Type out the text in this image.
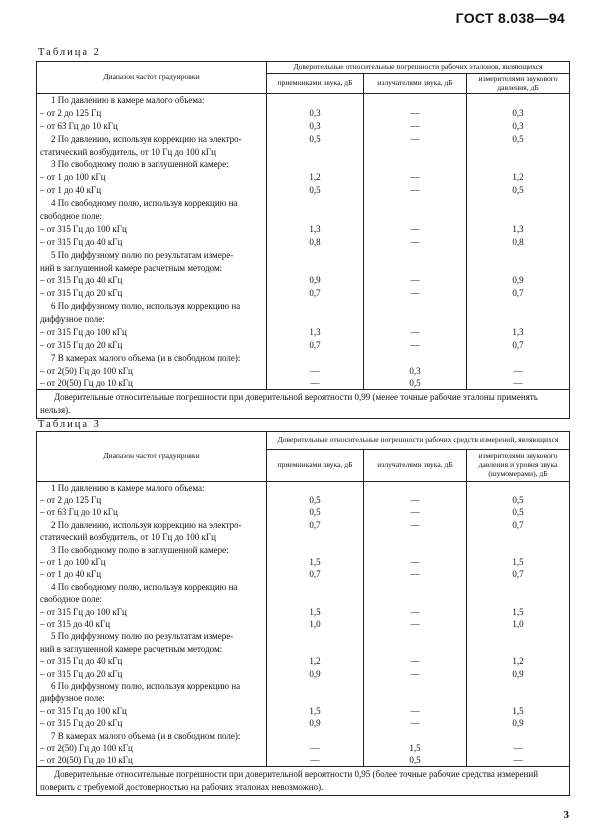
ГОСТ 8.038—94
Таблица 2
Диапазон частот градуировки	Доверительные относительные погрешности рабочих эталонов, являющихся		
	приемниками звука, дБ	излучателями звука, дБ	измерителями звукового давления, дБ
1 По давлению в камере малого объема:			
– от 2 до 125 Гц	0,3	—	0,3
– от 63 Гц до 10 кГц	0,3	—	0,3
2 По давлению, используя коррекцию на электро-	0,5	—	0,5
статический возбудитель, от 10 Гц до 100 кГц			
3 По свободному полю в заглушенной камере:			
– от 1 до 100 кГц	1,2	—	1,2
– от 1 до 40 кГц	0,5	—	0,5
4 По свободному полю, используя коррекцию на			
свободное поле:			
– от 315 Гц до 100 кГц	1,3	—	1,3
– от 315 Гц до 40 кГц	0,8	—	0,8
5 По диффузному полю по результатам измере-			
ний в заглушенной камере расчетным методом:			
– от 315 Гц до 40 кГц	0,9	—	0,9
– от 315 Гц до 20 кГц	0,7	—	0,7
6 По диффузному полю, используя коррекцию на			
диффузное поле:			
– от 315 Гц до 100 кГц	1,3	—	1,3
– от 315 Гц до 20 кГц	0,7	—	0,7
7 В камерах малого объема (и в свободном поле):			
– от 2(50) Гц до 100 кГц	—	0,3	—
– от 20(50) Гц до 10 кГц	—	0,5	—
Доверительные относительные погрешности при доверительной вероятности 0,99 (менее точные рабочие эталоны применять нельзя).			
Таблица 3
Диапазон частот градуировки	Доверительные относительные погрешности рабочих средств измерений, являющихся		
	приемниками звука, дБ	излучателями звука, дБ	измерителями звукового давления и уровня звука (шумомерами), дБ
1 По давлению в камере малого объема:			
– от 2 до 125 Гц	0,5	—	0,5
– от 63 Гц до 10 кГц	0,5	—	0,5
2 По давлению, используя коррекцию на электро-	0,7	—	0,7
статический возбудитель, от 10 Гц до 100 кГц			
3 По свободному полю в заглушенной камере:			
– от 1 до 100 кГц	1,5	—	1,5
– от 1 до 40 кГц	0,7	—	0,7
4 По свободному полю, используя коррекцию на			
свободное поле:			
– от 315 Гц до 100 кГц	1,5	—	1,5
– от 315 до 40 кГц	1,0	—	1,0
5 По диффузному полю по результатам измере-			
ний в заглушенной камере расчетным методом:			
– от 315 Гц до 40 кГц	1,2	—	1,2
– от 315 Гц до 20 кГц	0,9	—	0,9
6 По диффузному полю, используя коррекцию на			
диффузное поле:			
– от 315 Гц до 100 кГц	1,5	—	1,5
– от 315 Гц до 20 кГц	0,9	—	0,9
7 В камерах малого объема (и в свободном поле):			
– от 2(50) Гц до 100 кГц	—	1,5	—
– от 20(50) Гц до 10 кГц	—	0,5	—
Доверительные относительные погрешности при доверительной вероятности 0,95 (более точные рабочие средства измерений поверить с требуемой достоверностью на рабочих эталонах невозможно).			
3
